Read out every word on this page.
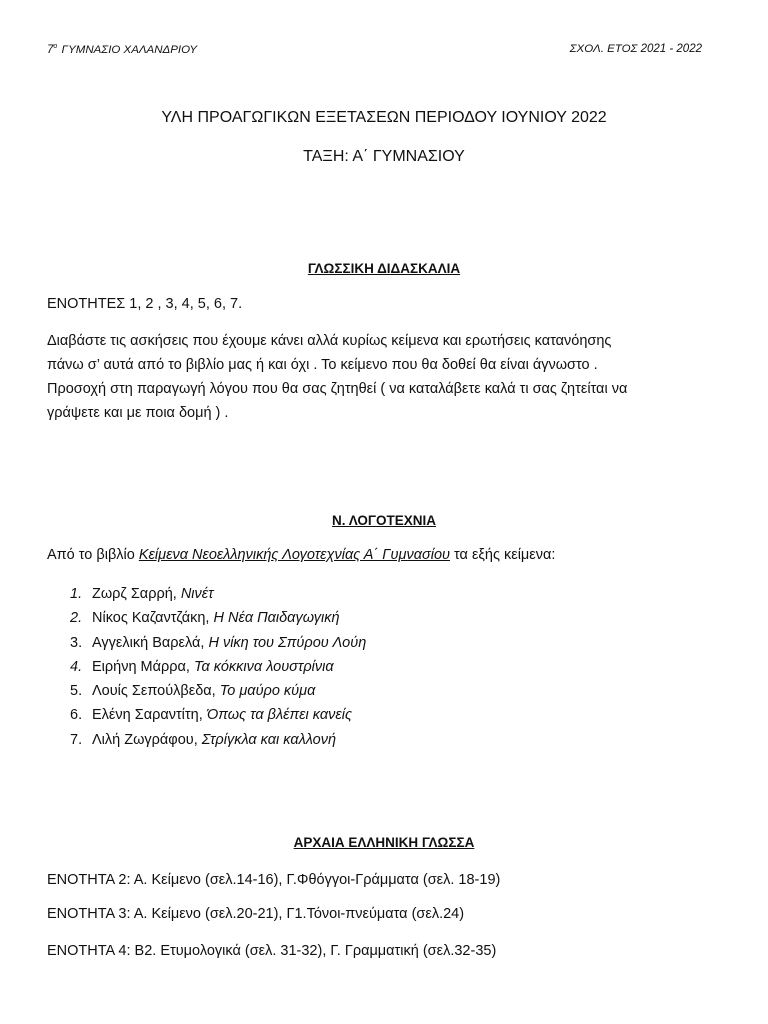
$7^o$ ΓΥΜΝΑΣΙΟ ΧΑΛΑΝΔΡΙΟΥ	ΣΧΟΛ. ΕΤΟΣ 2021 - 2022
ΥΛΗ ΠΡΟΑΓΩΓΙΚΩΝ ΕΞΕΤΑΣΕΩΝ ΠΕΡΙΟΔΟΥ ΙΟΥΝΙΟΥ 2022
ΤΑΞΗ: Α΄ ΓΥΜΝΑΣΙΟΥ
ΓΛΩΣΣΙΚΗ ΔΙΔΑΣΚΑΛΙΑ
ΕΝΟΤΗΤΕΣ 1, 2 , 3, 4, 5, 6, 7.
Διαβάστε τις ασκήσεις που έχουμε κάνει αλλά κυρίως κείμενα και ερωτήσεις κατανόησης
πάνω σ’ αυτά από το βιβλίο μας ή και όχι . Το κείμενο που θα δοθεί θα είναι άγνωστο .
Προσοχή στη παραγωγή λόγου που θα σας ζητηθεί ( να καταλάβετε καλά τι σας ζητείται να
γράψετε και με ποια δομή ) .
Ν. ΛΟΓΟΤΕΧΝΙΑ
Από το βιβλίο Κείμενα Νεοελληνικής Λογοτεχνίας Α΄ Γυμνασίου τα εξής κείμενα:
1. Ζωρζ Σαρρή, Νινέτ
2. Νίκος Καζαντζάκη, Η Νέα Παιδαγωγική
3. Αγγελική Βαρελά, Η νίκη του Σπύρου Λούη
4. Ειρήνη Μάρρα, Τα κόκκινα λουστρίνια
5. Λουίς Σεπούλβεδα, Το μαύρο κύμα
6. Ελένη Σαραντίτη, Όπως τα βλέπει κανείς
7. Λιλή Ζωγράφου, Στρίγκλα και καλλονή
ΑΡΧΑΙΑ ΕΛΛΗΝΙΚΗ ΓΛΩΣΣΑ
ΕΝΟΤΗΤΑ 2: Α. Κείμενο (σελ.14-16), Γ.Φθόγγοι-Γράμματα (σελ. 18-19)
ΕΝΟΤΗΤΑ 3: Α. Κείμενο (σελ.20-21), Γ1.Τόνοι-πνεύματα (σελ.24)
ΕΝΟΤΗΤΑ 4: Β2. Ετυμολογικά (σελ. 31-32), Γ. Γραμματική (σελ.32-35)
